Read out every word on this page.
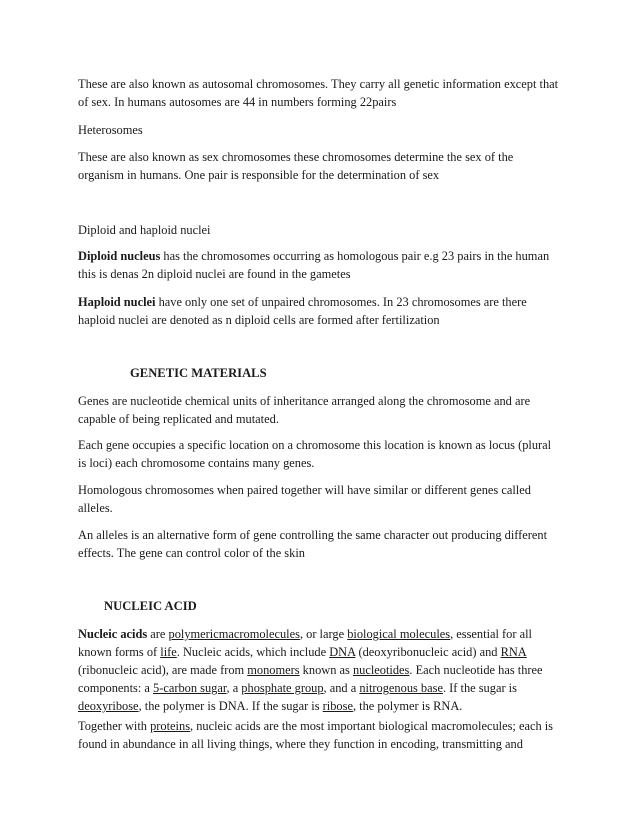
These are also known as autosomal chromosomes. They carry all genetic information except that
of sex. In humans autosomes are 44 in numbers forming 22pairs

Heterosomes

These are also known as sex chromosomes these chromosomes determine the sex of the
organism in humans. One pair is responsible for the determination of sex

Diploid and haploid nuclei

Diploid nucleus has the chromosomes occurring as homologous pair e.g 23 pairs in the human
this is denas 2n diploid nuclei are found in the gametes

Haploid nuclei have only one set of unpaired chromosomes. In 23 chromosomes are there
haploid nuclei are denoted as n diploid cells are formed after fertilization

GENETIC MATERIALS

Genes are nucleotide chemical units of inheritance arranged along the chromosome and are
capable of being replicated and mutated.

Each gene occupies a specific location on a chromosome this location is known as locus (plural
is loci) each chromosome contains many genes.

Homologous chromosomes when paired together will have similar or different genes called
alleles.

An alleles is an alternative form of gene controlling the same character out producing different
effects. The gene can control color of the skin

NUCLEIC ACID

Nucleic acids are polymericmacromolecules, or large biological molecules, essential for all
known forms of life. Nucleic acids, which include DNA (deoxyribonucleic acid) and RNA
(ribonucleic acid), are made from monomers known as nucleotides. Each nucleotide has three
components: a 5-carbon sugar, a phosphate group, and a nitrogenous base. If the sugar is
deoxyribose, the polymer is DNA. If the sugar is ribose, the polymer is RNA.

Together with proteins, nucleic acids are the most important biological macromolecules; each is
found in abundance in all living things, where they function in encoding, transmitting and
